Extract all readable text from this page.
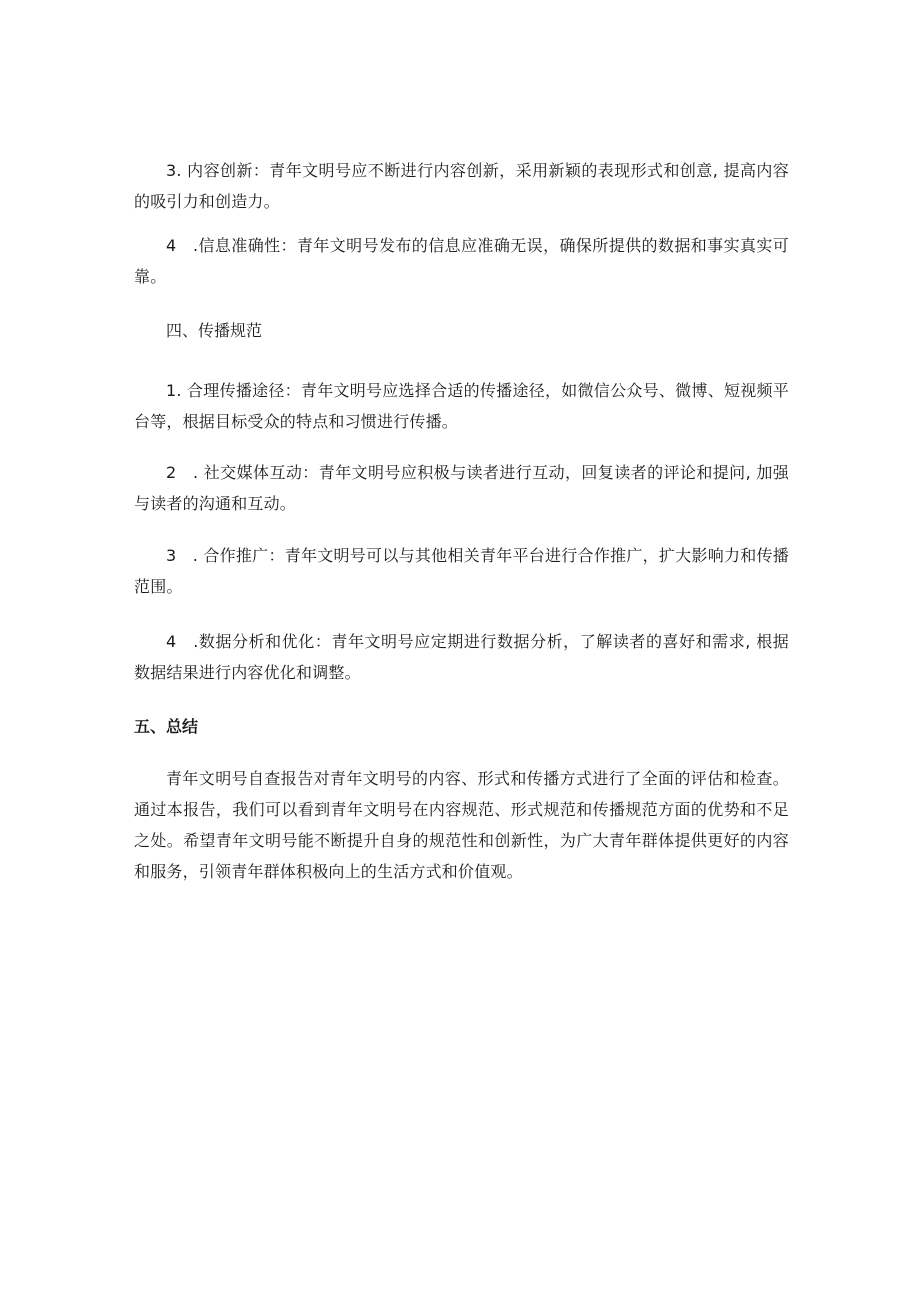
3. 内容创新：青年文明号应不断进行内容创新，采用新颖的表现形式和创意, 提高内容的吸引力和创造力。

4　.信息准确性：青年文明号发布的信息应准确无误，确保所提供的数据和事实真实可靠。

四、传播规范

1. 合理传播途径：青年文明号应选择合适的传播途径，如微信公众号、微博、短视频平台等，根据目标受众的特点和习惯进行传播。

2　. 社交媒体互动：青年文明号应积极与读者进行互动，回复读者的评论和提问, 加强与读者的沟通和互动。

3　. 合作推广：青年文明号可以与其他相关青年平台进行合作推广，扩大影响力和传播范围。

4　.数据分析和优化：青年文明号应定期进行数据分析，了解读者的喜好和需求, 根据数据结果进行内容优化和调整。

五、总结

青年文明号自查报告对青年文明号的内容、形式和传播方式进行了全面的评估和检查。通过本报告，我们可以看到青年文明号在内容规范、形式规范和传播规范方面的优势和不足之处。希望青年文明号能不断提升自身的规范性和创新性，为广大青年群体提供更好的内容和服务，引领青年群体积极向上的生活方式和价值观。
